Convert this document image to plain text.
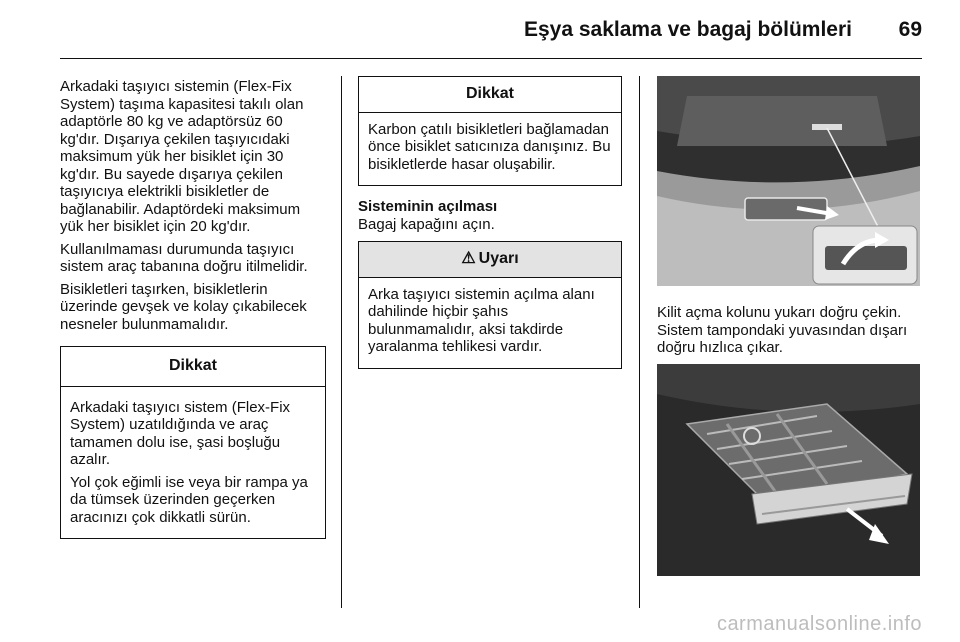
Eşya saklama ve bagaj bölümleri 69

Arkadaki taşıyıcı sistemin (Flex-Fix System) taşıma kapasitesi takılı olan adaptörle 80 kg ve adaptörsüz 60 kg'dır. Dışarıya çekilen taşıyıcıdaki maksimum yük her bisiklet için 30 kg'dır. Bu sayede dışarıya çekilen taşıyıcıya elektrikli bisikletler de bağlanabilir. Adaptördeki maksimum yük her bisiklet için 20 kg'dır.

Kullanılmaması durumunda taşıyıcı sistem araç tabanına doğru itilmelidir.

Bisikletleri taşırken, bisikletlerin üzerinde gevşek ve kolay çıkabilecek nesneler bulunmamalıdır.

Dikkat

Arkadaki taşıyıcı sistem (Flex-Fix System) uzatıldığında ve araç tamamen dolu ise, şasi boşluğu azalır.

Yol çok eğimli ise veya bir rampa ya da tümsek üzerinden geçerken aracınızı çok dikkatli sürün.

Dikkat

Karbon çatılı bisikletleri bağlamadan önce bisiklet satıcınıza danışınız. Bu bisikletlerde hasar oluşabilir.

Sisteminin açılması
Bagaj kapağını açın.
⚠ Uyarı

Arka taşıyıcı sistemin açılma alanı dahilinde hiçbir şahıs bulunmamalıdır, aksi takdirde yaralanma tehlikesi vardır.

Kilit açma kolunu yukarı doğru çekin. Sistem tampondaki yuvasından dışarı doğru hızlıca çıkar.

carmanualsonline.info
